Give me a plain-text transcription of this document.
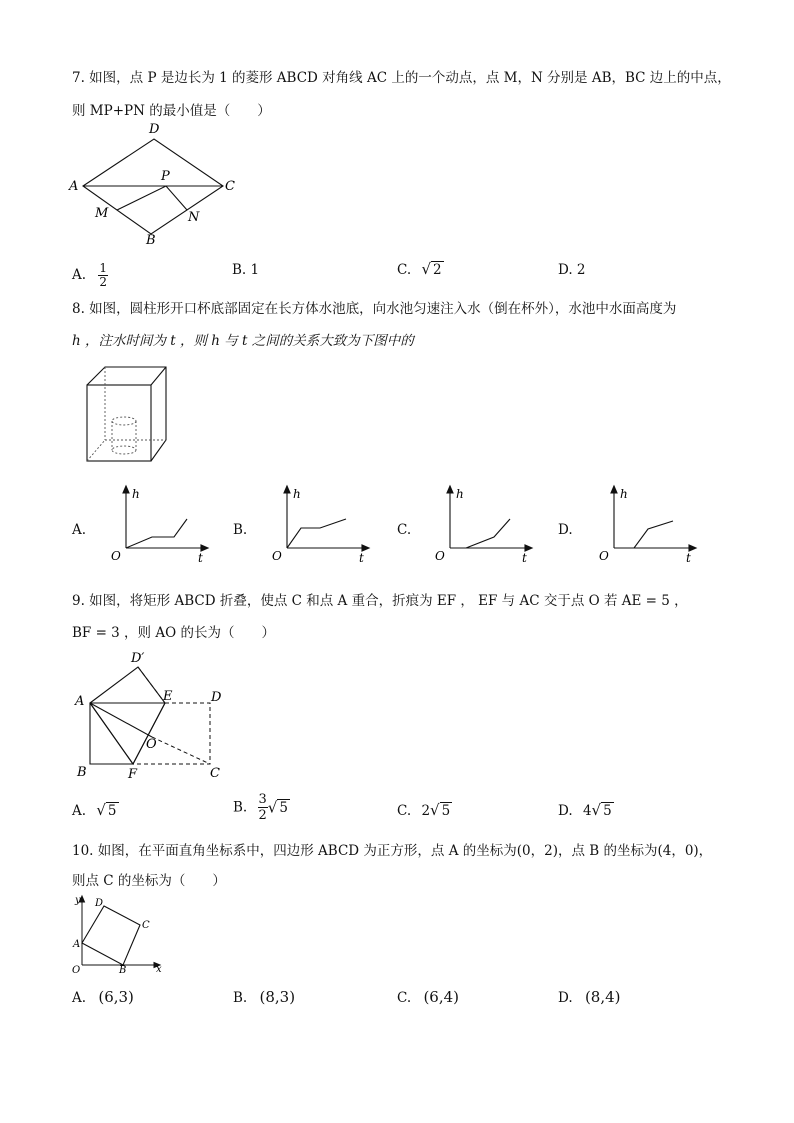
7. 如图，点 P 是边长为 1 的菱形 ABCD 对角线 AC 上的一个动点，点 M，N 分别是 AB，BC 边上的中点，
则 MP+PN 的最小值是（　　）
A
D
C
B
P
M	N
A. $\frac{1}{2}$	B. 1	C. √ 2	D. 2
8. 如图，圆柱形开口杯底部固定在长方体水池底，向水池匀速注入水（倒在杯外），水池中水面高度为
h ，注水时间为 t ，则 h 与 t 之间的关系大致为下图中的
A.
h
t
O
B.
h
t
O
C.
h
t
O
D.
h
t
O
9. 如图，将矩形 ABCD 折叠，使点 C 和点 A 重合，折痕为 EF ， EF 与 AC 交于点 O 若 AE = 5 ，
BF = 3 ，则 AO 的长为（　　）
D′
A	E	D
O
B	F	C
A. √ 5	B. $\frac{3}{2}$ √ 5	C. 2√ 5	D. 4√ 5
10. 如图，在平面直角坐标系中，四边形 ABCD 为正方形，点 A 的坐标为(0，2)，点 B 的坐标为(4，0)，
则点 C 的坐标为（　　）
y
x
O
A
B
C
D
A. (6,3)	B. (8,3)	C. (6,4)	D. (8,4)
